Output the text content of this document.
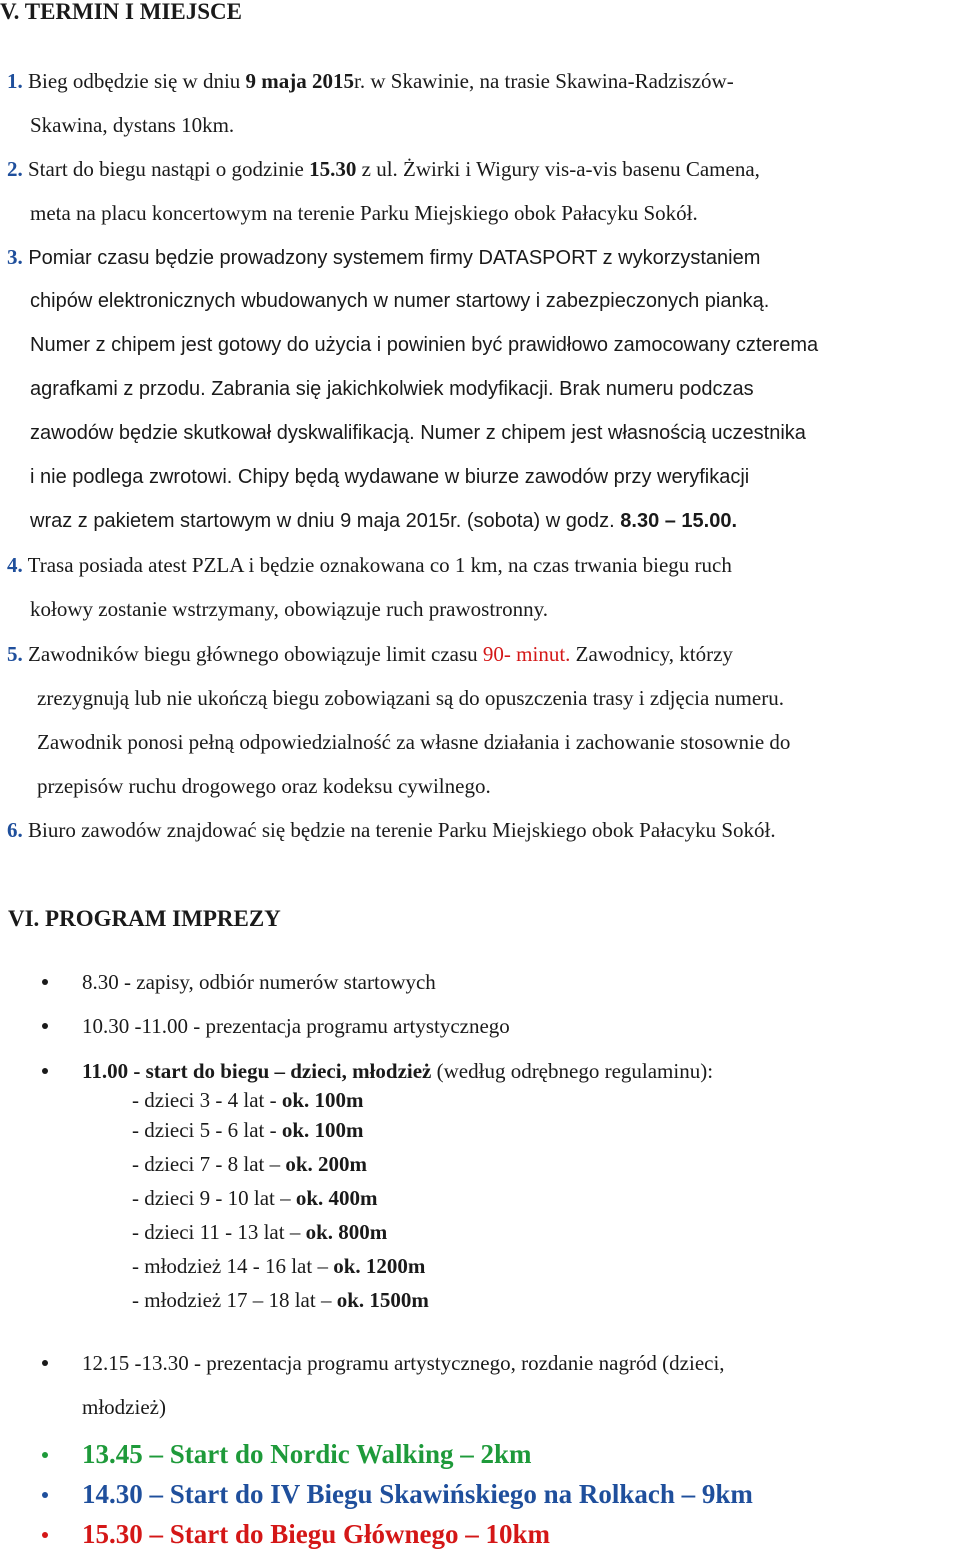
V. TERMIN I MIEJSCE
1. Bieg odbędzie się w dniu 9 maja 2015r. w Skawinie, na trasie Skawina-Radziszów-
Skawina, dystans 10km.
2. Start do biegu nastąpi o godzinie 15.30 z ul. Żwirki i Wigury vis-a-vis basenu Camena,
meta na placu koncertowym na terenie Parku Miejskiego obok Pałacyku Sokół.
3. Pomiar czasu będzie prowadzony systemem firmy DATASPORT z wykorzystaniem
chipów elektronicznych wbudowanych w numer startowy i zabezpieczonych pianką.
Numer z chipem jest gotowy do użycia i powinien być prawidłowo zamocowany czterema
agrafkami z przodu. Zabrania się jakichkolwiek modyfikacji. Brak numeru podczas
zawodów będzie skutkował dyskwalifikacją. Numer z chipem jest własnością uczestnika
i nie podlega zwrotowi. Chipy będą wydawane w biurze zawodów przy weryfikacji
wraz z pakietem startowym w dniu 9 maja 2015r. (sobota) w godz. 8.30 – 15.00.
4. Trasa posiada atest PZLA i będzie oznakowana co 1 km, na czas trwania biegu ruch
kołowy zostanie wstrzymany, obowiązuje ruch prawostronny.
5. Zawodników biegu głównego obowiązuje limit czasu 90- minut. Zawodnicy, którzy
zrezygnują lub nie ukończą biegu zobowiązani są do opuszczenia trasy i zdjęcia numeru.
Zawodnik ponosi pełną odpowiedzialność za własne działania i zachowanie stosownie do
przepisów ruchu drogowego oraz kodeksu cywilnego.
6. Biuro zawodów znajdować się będzie na terenie Parku Miejskiego obok Pałacyku Sokół.
VI. PROGRAM IMPREZY
8.30 - zapisy, odbiór numerów startowych
10.30 -11.00 - prezentacja programu artystycznego
11.00 - start do biegu – dzieci, młodzież (według odrębnego regulaminu):
- dzieci 3 - 4 lat - ok. 100m
- dzieci 5 - 6 lat - ok. 100m
- dzieci 7 - 8 lat – ok. 200m
- dzieci 9 - 10 lat – ok. 400m
- dzieci 11 - 13 lat – ok. 800m
- młodzież 14 - 16 lat – ok. 1200m
- młodzież 17 – 18 lat – ok. 1500m
12.15 -13.30 - prezentacja programu artystycznego, rozdanie nagród (dzieci,
młodzież)
13.45 – Start do Nordic Walking – 2km
14.30 – Start do IV Biegu Skawińskiego na Rolkach – 9km
15.30 – Start do Biegu Głównego – 10km
